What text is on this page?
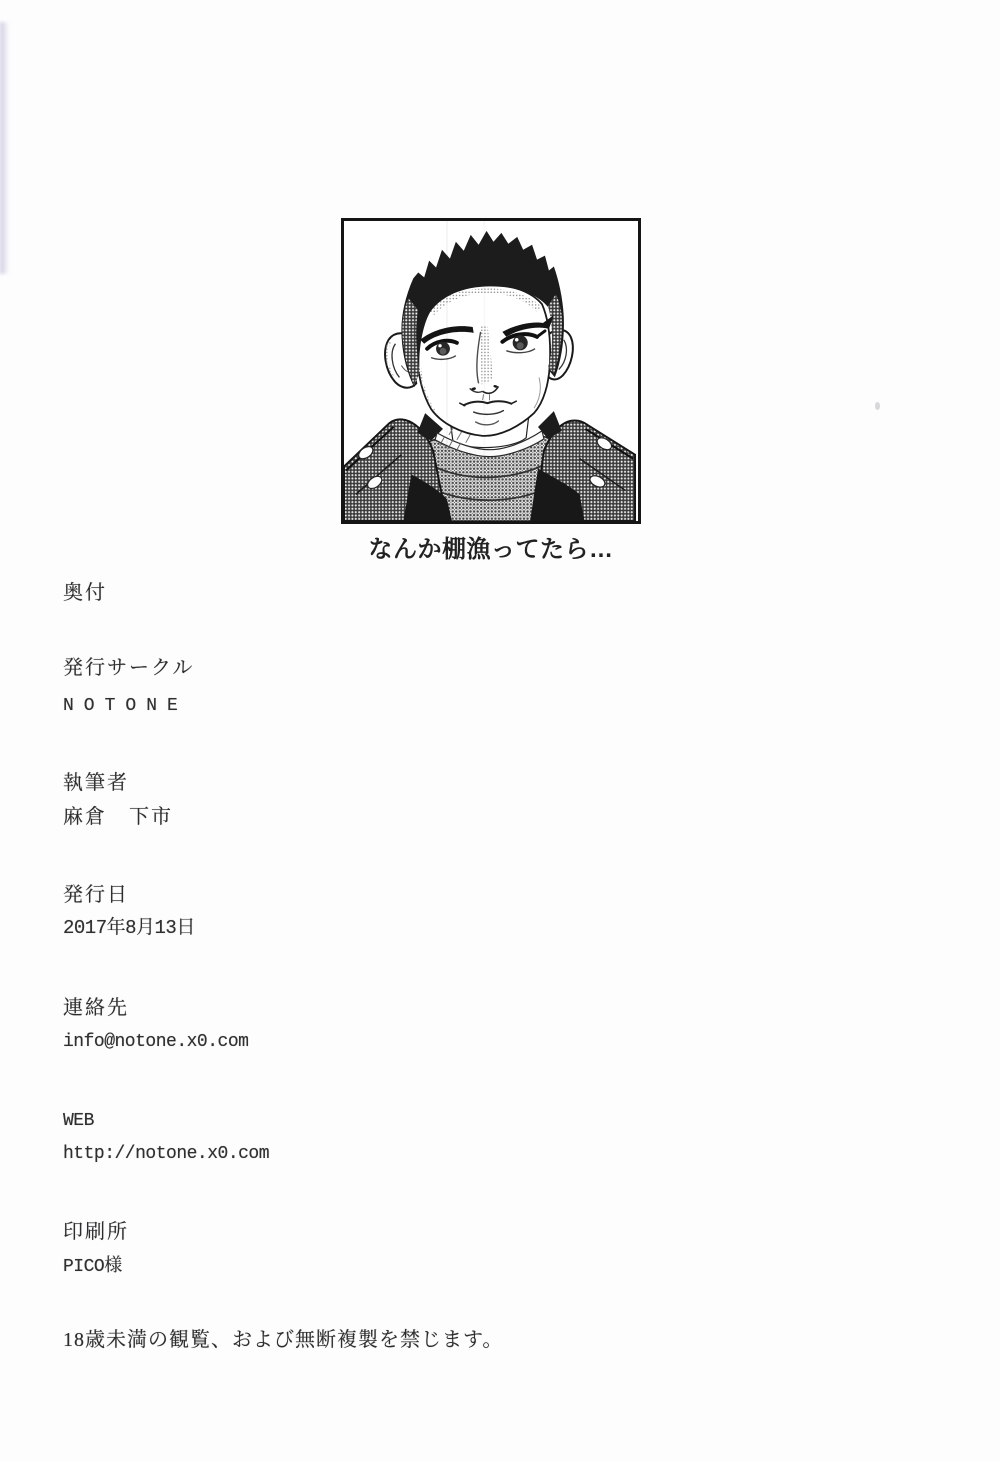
なんか棚漁ってたら…
奥付
発行サークル
NOTONE
執筆者
麻倉　下市
発行日
2017年8月13日
連絡先
info@notone.x0.com
WEB
http://notone.x0.com
印刷所
PICO様
18歳未満の観覧、および無断複製を禁じます。
